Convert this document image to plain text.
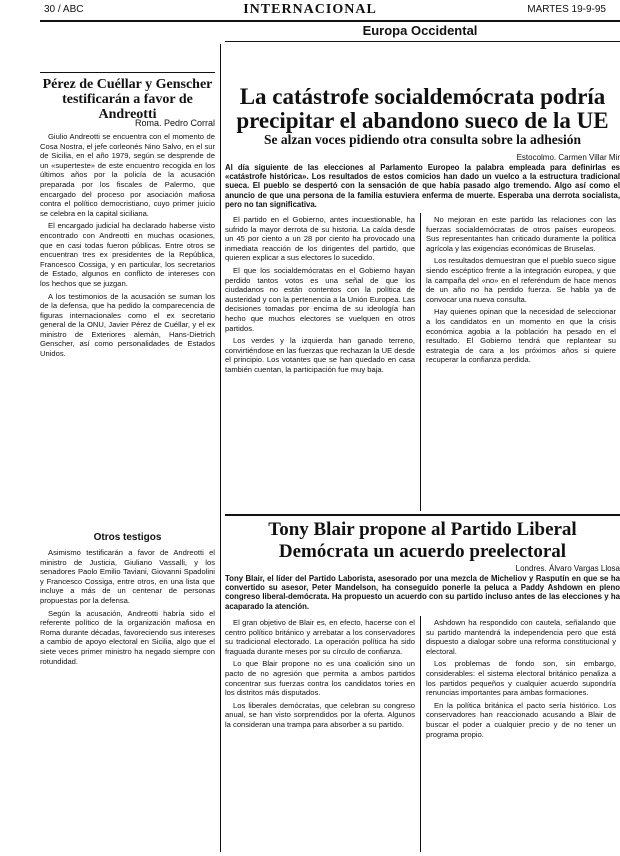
30 / ABC	INTERNACIONAL	MARTES 19-9-95
Europa Occidental
Pérez de Cuéllar y Genscher testificarán a favor de Andreotti
Roma. Pedro Corral

Giulio Andreotti se encuentra con el momento de Cosa Nostra, el jefe corleonés Nino Salvo, en el sur de Sicilia, en el año 1979, según se desprende de un «superteste» de este encuentro recogida en los últimos años por la policía de la acusación preparada por los fiscales de Palermo, que encargado del proceso por asociación mafiosa contra el político democristiano, cuyo primer juicio se celebra en la capital siciliana.

El encargado judicial ha declarado haberse visto encontrado con Andreotti en muchas ocasiones, que en casi todas fueron públicas. Entre otros se encuentran tres ex presidentes de la República, Francesco Cossiga, y en particular, los secretarios de Estado, algunos en conflicto de intereses con los hechos que se juzgan.

A los testimonios de la acusación se suman los de la defensa, que ha pedido la comparecencia de figuras internacionales como el ex secretario general de la ONU, Javier Pérez de Cuéllar, y el ex ministro de Exteriores alemán, Hans-Dietrich Genscher, así como personalidades de Estados Unidos.

Otros testigos

Asimismo testificarán a favor de Andreotti el ministro de Justicia, Giuliano Vassalli, y los senadores Paolo Emilio Taviani, Giovanni Spadolini y Francesco Cossiga, entre otros, en una lista que incluye a más de un centenar de personas propuestas por la defensa.

Según la acusación, Andreotti habría sido el referente político de la organización mafiosa en Roma durante décadas, favoreciendo sus intereses a cambio de apoyo electoral en Sicilia, algo que el siete veces primer ministro ha negado siempre con rotundidad.

La catástrofe socialdemócrata podría precipitar el abandono sueco de la UE
Se alzan voces pidiendo otra consulta sobre la adhesión
Estocolmo. Carmen Villar Mir
Al día siguiente de las elecciones al Parlamento Europeo la palabra empleada para definirlas es «catástrofe histórica». Los resultados de estos comicios han dado un vuelco a la estructura tradicional sueca. El pueblo se despertó con la sensación de que había pasado algo tremendo. Algo así como el anuncio de que una persona de la familia estuviera enferma de muerte. Esperaba una derrota socialista, pero no tan significativa.

El partido en el Gobierno, antes incuestionable, ha sufrido la mayor derrota de su historia. La caída desde un 45 por ciento a un 28 por ciento ha provocado una inmediata reacción de los dirigentes del partido, que quieren explicar a sus electores lo sucedido.

El que los socialdemócratas en el Gobierno hayan perdido tantos votos es una señal de que los ciudadanos no están contentos con la política de austeridad y con la pertenencia a la Unión Europea. Las decisiones tomadas por encima de su ideología han hecho que muchos electores se vuelquen en otros partidos.

Los verdes y la izquierda han ganado terreno, convirtiéndose en las fuerzas que rechazan la UE desde el principio. Los votantes que se han quedado en casa también cuentan, la participación fue muy baja.

No mejoran en este partido las relaciones con las fuerzas socialdemócratas de otros países europeos. Sus representantes han criticado duramente la política agrícola y las exigencias económicas de Bruselas.

Los resultados demuestran que el pueblo sueco sigue siendo escéptico frente a la integración europea, y que la campaña del «no» en el referéndum de hace menos de un año no ha perdido fuerza. Se habla ya de convocar una nueva consulta.

Hay quienes opinan que la necesidad de seleccionar a los candidatos en un momento en que la crisis económica agobia a la población ha pesado en el resultado. El Gobierno tendrá que replantear su estrategia de cara a los próximos años si quiere recuperar la confianza perdida.

Tony Blair propone al Partido Liberal Demócrata un acuerdo preelectoral
Londres. Álvaro Vargas Llosa
Tony Blair, el líder del Partido Laborista, asesorado por una mezcla de Micheliov y Rasputín en que se ha convertido su asesor, Peter Mandelson, ha conseguido ponerle la peluca a Paddy Ashdown en pleno congreso liberal-demócrata. Ha propuesto un acuerdo con su partido incluso antes de las elecciones y ha acaparado la atención.

El gran objetivo de Blair es, en efecto, hacerse con el centro político británico y arrebatar a los conservadores su tradicional electorado. La operación política ha sido fraguada durante meses por su círculo de confianza.

Lo que Blair propone no es una coalición sino un pacto de no agresión que permita a ambos partidos concentrar sus fuerzas contra los candidatos tories en los distritos más disputados.

Los liberales demócratas, que celebran su congreso anual, se han visto sorprendidos por la oferta. Algunos la consideran una trampa para absorber a su partido.

Ashdown ha respondido con cautela, señalando que su partido mantendrá la independencia pero que está dispuesto a dialogar sobre una reforma constitucional y electoral.

Los problemas de fondo son, sin embargo, considerables: el sistema electoral británico penaliza a los partidos pequeños y cualquier acuerdo supondría renuncias importantes para ambas formaciones.

En la política británica el pacto sería histórico. Los conservadores han reaccionado acusando a Blair de buscar el poder a cualquier precio y de no tener un programa propio.
